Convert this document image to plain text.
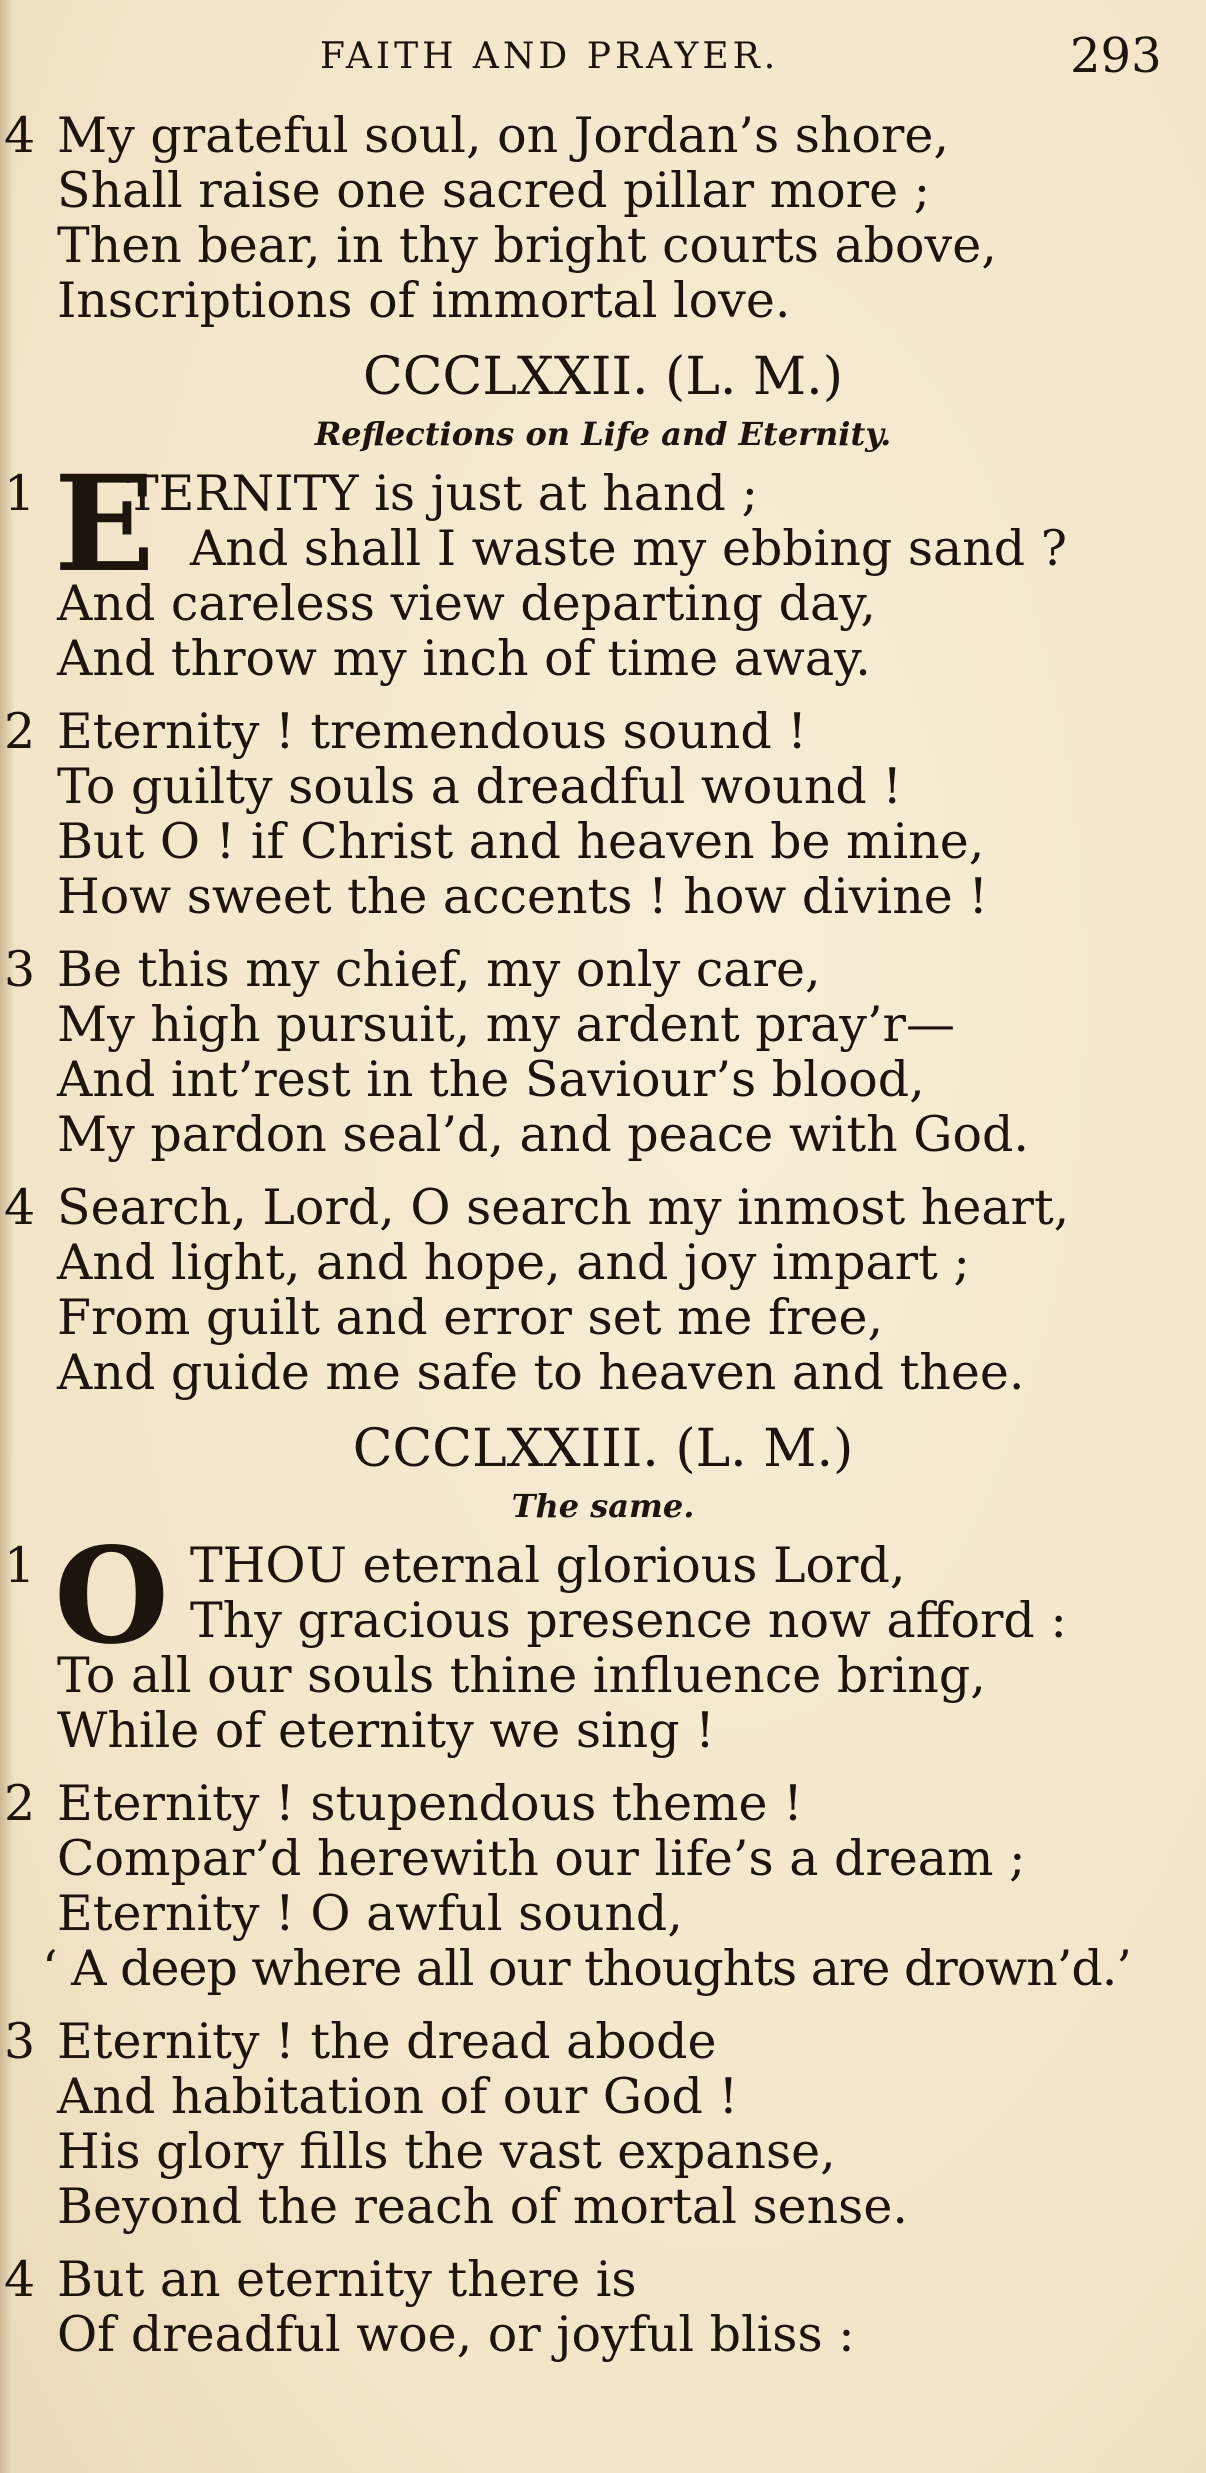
FAITH AND PRAYER.	293
4 My grateful soul, on Jordan’s shore,
Shall raise one sacred pillar more ;
Then bear, in thy bright courts above,
Inscriptions of immortal love.
CCCLXXII. (L. M.)
Reflections on Life and Eternity.
1 E
TERNITY is just at hand ;
And shall I waste my ebbing sand ?
And careless view departing day,
And throw my inch of time away.
2 Eternity ! tremendous sound !
To guilty souls a dreadful wound !
But O ! if Christ and heaven be mine,
How sweet the accents ! how divine !
3 Be this my chief, my only care,
My high pursuit, my ardent pray’r—
And int’rest in the Saviour’s blood,
My pardon seal’d, and peace with God.
4 Search, Lord, O search my inmost heart,
And light, and hope, and joy impart ;
From guilt and error set me free,
And guide me safe to heaven and thee.
CCCLXXIII. (L. M.)
The same.
1 O THOU eternal glorious Lord,
Thy gracious presence now afford :
To all our souls thine influence bring,
While of eternity we sing !
2 Eternity ! stupendous theme !
Compar’d herewith our life’s a dream ;
Eternity ! O awful sound,
‘ A deep where all our thoughts are drown’d.’
3 Eternity ! the dread abode
And habitation of our God !
His glory fills the vast expanse,
Beyond the reach of mortal sense.
4 But an eternity there is
Of dreadful woe, or joyful bliss :
